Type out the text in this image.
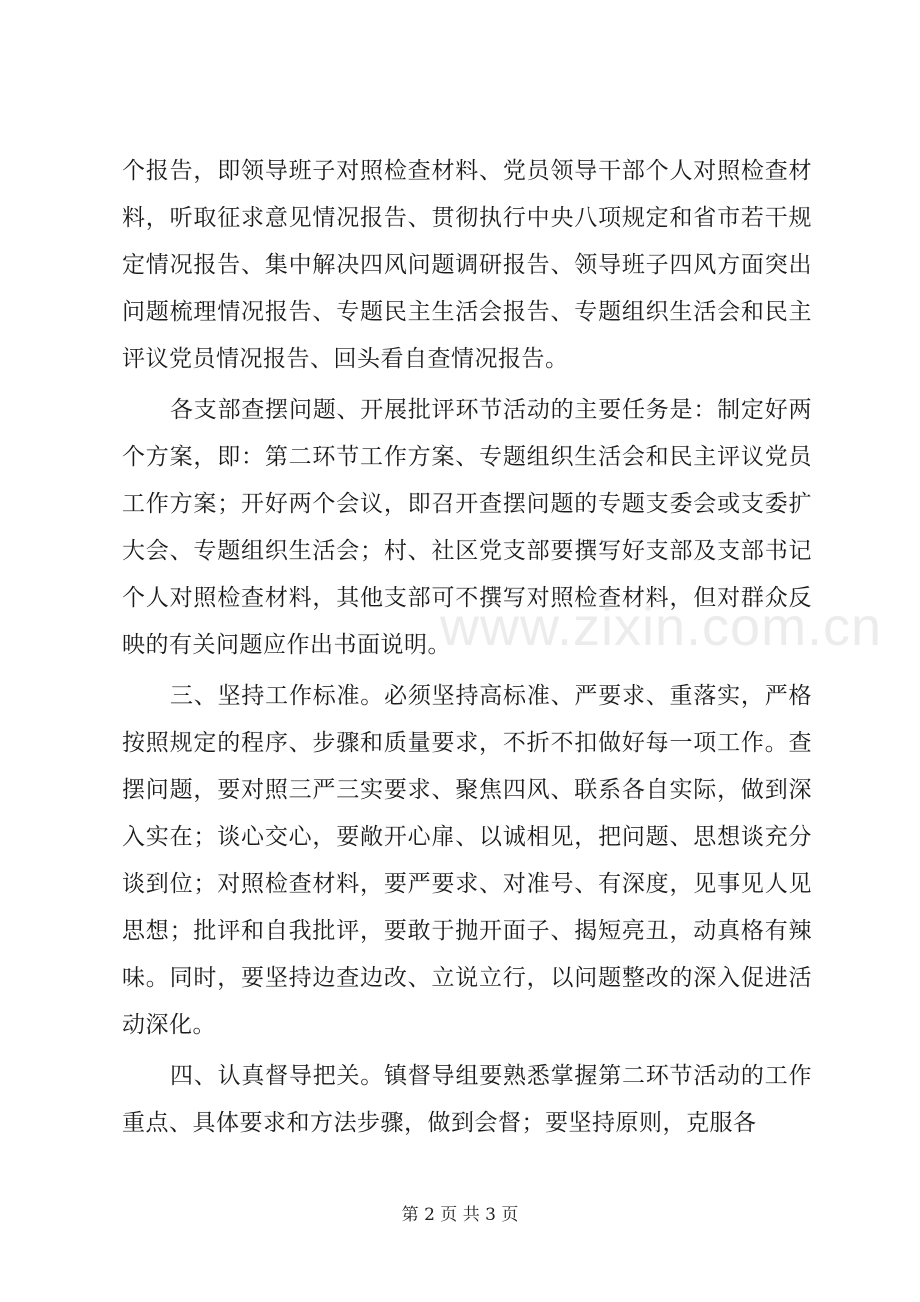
个报告，即领导班子对照检查材料、党员领导干部个人对照检查材料，听取征求意见情况报告、贯彻执行中央八项规定和省市若干规定情况报告、集中解决四风问题调研报告、领导班子四风方面突出问题梳理情况报告、专题民主生活会报告、专题组织生活会和民主评议党员情况报告、回头看自查情况报告。

各支部查摆问题、开展批评环节活动的主要任务是：制定好两个方案，即：第二环节工作方案、专题组织生活会和民主评议党员工作方案；开好两个会议，即召开查摆问题的专题支委会或支委扩大会、专题组织生活会；村、社区党支部要撰写好支部及支部书记个人对照检查材料，其他支部可不撰写对照检查材料，但对群众反映的有关问题应作出书面说明。

三、坚持工作标准。必须坚持高标准、严要求、重落实，严格按照规定的程序、步骤和质量要求，不折不扣做好每一项工作。查摆问题，要对照三严三实要求、聚焦四风、联系各自实际，做到深入实在；谈心交心，要敞开心扉、以诚相见，把问题、思想谈充分谈到位；对照检查材料，要严要求、对准号、有深度，见事见人见思想；批评和自我批评，要敢于抛开面子、揭短亮丑，动真格有辣味。同时，要坚持边查边改、立说立行，以问题整改的深入促进活动深化。

四、认真督导把关。镇督导组要熟悉掌握第二环节活动的工作重点、具体要求和方法步骤，做到会督；要坚持原则，克服各

www.zixin.com.cn
第 2 页 共 3 页
